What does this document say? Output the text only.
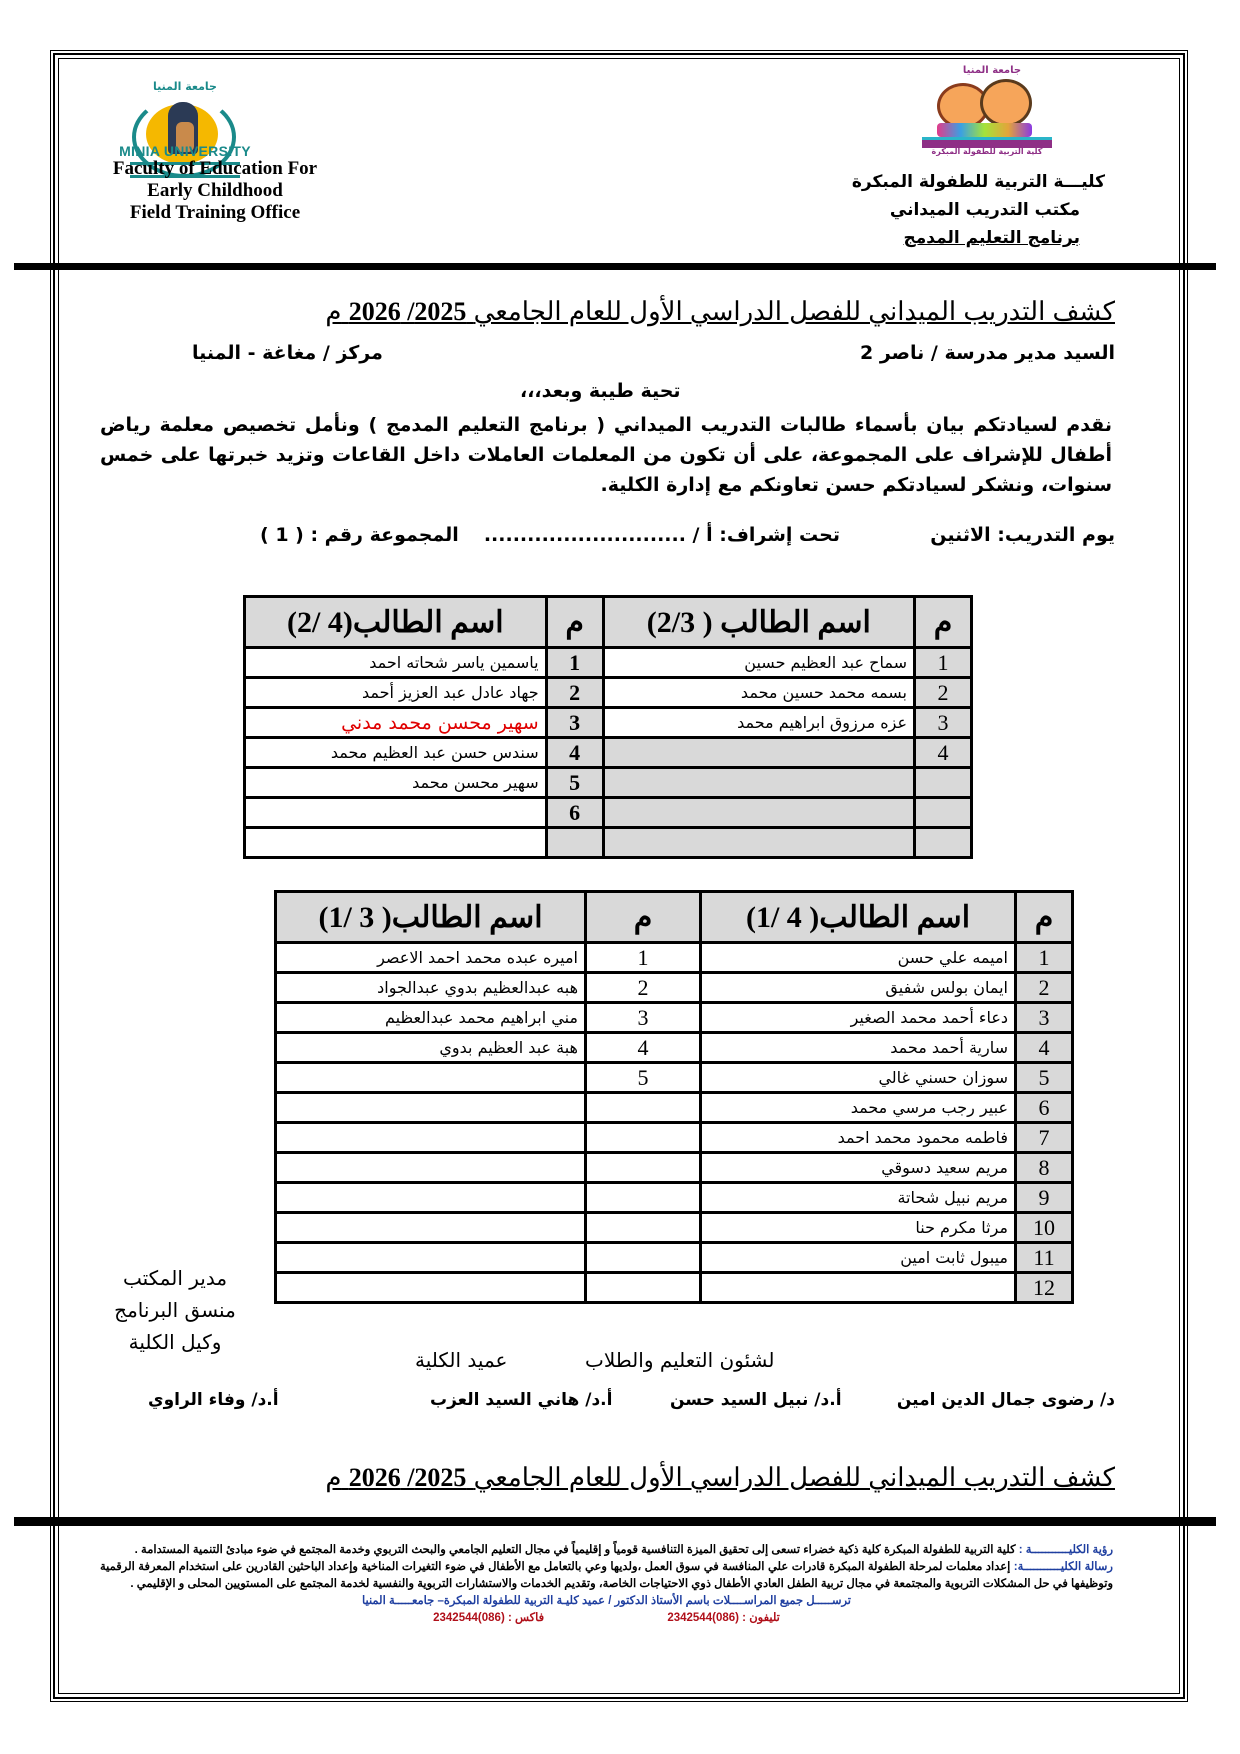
جامعة المنيا
MINIA UNIVERSITY
Faculty of Education For
Early Childhood
Field Training Office
جامعة المنيا
كلية التربية للطفولة المبكرة
كليـــة التربية للطفولة المبكرة
مكتب التدريب الميداني
برنامج التعليم المدمج
كشف التدريب الميداني للفصل الدراسي الأول للعام الجامعي 2025/ 2026 م
السيد مدير مدرسة / ناصر 2
مركز / مغاغة - المنيا
تحية طيبة وبعد،،،
نقدم لسيادتكم بيان بأسماء طالبات التدريب الميداني ( برنامج التعليم المدمج ) ونأمل تخصيص معلمة رياض أطفال للإشراف على المجموعة، على أن تكون من المعلمات العاملات داخل القاعات وتزيد خبرتها على خمس سنوات، ونشكر لسيادتكم حسن تعاونكم مع إدارة الكلية.
يوم التدريب: الاثنين
تحت إشراف: أ / ............................
المجموعة رقم : ( 1 )
م	اسم الطالب ( 2/3)	م	اسم الطالب(4 /2)
1	سماح عبد العظيم حسين	1	ياسمين ياسر شحاته احمد
2	بسمه محمد حسين محمد	2	جهاد عادل عبد العزيز أحمد
3	عزه مرزوق ابراهيم محمد	3	سهير محسن محمد مدني
4		4	سندس حسن عبد العظيم محمد
		5	سهير محسن محمد
		6	

م	اسم الطالب( 4 /1)	م	اسم الطالب( 3 /1)
1	اميمه علي حسن	1	اميره عبده محمد احمد الاعصر
2	ايمان بولس شفيق	2	هبه عبدالعظيم بدوي عبدالجواد
3	دعاء أحمد محمد الصغير	3	مني ابراهيم محمد عبدالعظيم
4	سارية أحمد محمد	4	هبة عبد العظيم بدوي
5	سوزان حسني غالي	5	
6	عبير رجب مرسي محمد		
7	فاطمه محمود محمد احمد		
8	مريم سعيد دسوقي		
9	مريم نبيل شحاتة		
10	مرثا مكرم حنا		
11	ميبول ثابت امين		
12			
مدير المكتب
منسق البرنامج
وكيل الكلية
لشئون التعليم والطلاب
عميد الكلية
د/ رضوى جمال الدين امين
أ.د/ نبيل السيد حسن
أ.د/ هاني السيد العزب
أ.د/ وفاء الراوي
كشف التدريب الميداني للفصل الدراسي الأول للعام الجامعي 2025/ 2026 م
رؤية الكليـــــــــــة : كلية التربية للطفولة المبكرة كلية ذكية خضراء تسعى إلى تحقيق الميزة التنافسية قومياً و إقليمياً في مجال التعليم الجامعي والبحث التربوي وخدمة المجتمع في ضوء مبادئ التنمية المستدامة .
رسالة الكليـــــــــــة: إعداد معلمات لمرحلة الطفولة المبكرة قادرات علي المنافسة في سوق العمل ،ولديها وعي بالتعامل مع الأطفال في ضوء التغيرات المناخية وإعداد الباحثين القادرين على استخدام المعرفة الرقمية وتوظيفها في حل المشكلات التربوية والمجتمعة في مجال تربية الطفل العادي الأطفال ذوي الاحتياجات الخاصة، وتقديم الخدمات والاستشارات التربوية والنفسية لخدمة المجتمع على المستويين المحلى و الإقليمي .
ترســـــل جميع المراســــلات باسم الأستاذ الدكتور / عميد كليـة التربية للطفولة المبكرة– جامعـــــة المنيا
تليفون : (086)2342544 فاكس : (086)2342544
